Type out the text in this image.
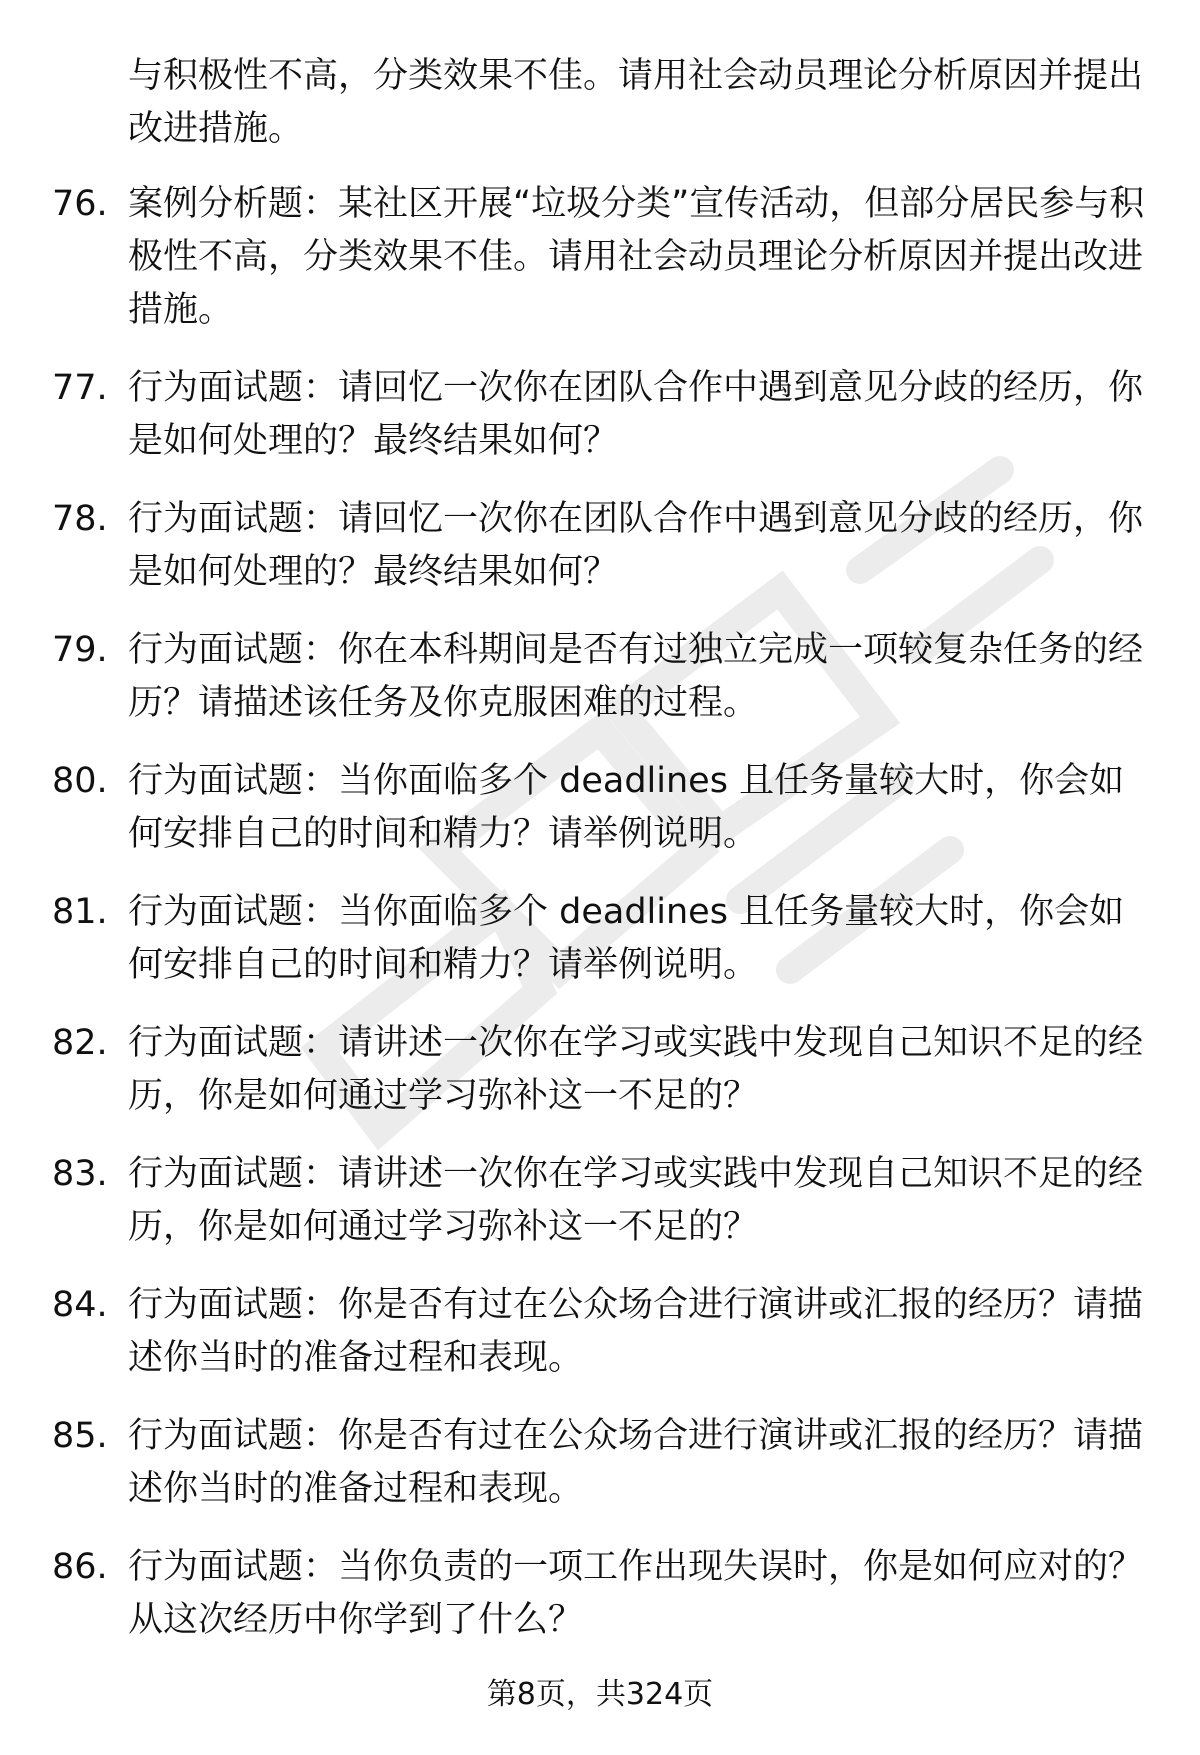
与积极性不高，分类效果不佳。请用社会动员理论分析原因并提出改进措施。

76. 案例分析题：某社区开展“垃圾分类”宣传活动，但部分居民参与积极性不高，分类效果不佳。请用社会动员理论分析原因并提出改进措施。
77. 行为面试题：请回忆一次你在团队合作中遇到意见分歧的经历，你是如何处理的？最终结果如何？
78. 行为面试题：请回忆一次你在团队合作中遇到意见分歧的经历，你是如何处理的？最终结果如何？
79. 行为面试题：你在本科期间是否有过独立完成一项较复杂任务的经历？请描述该任务及你克服困难的过程。
80. 行为面试题：当你面临多个 deadlines 且任务量较大时，你会如何安排自己的时间和精力？请举例说明。
81. 行为面试题：当你面临多个 deadlines 且任务量较大时，你会如何安排自己的时间和精力？请举例说明。
82. 行为面试题：请讲述一次你在学习或实践中发现自己知识不足的经历，你是如何通过学习弥补这一不足的？
83. 行为面试题：请讲述一次你在学习或实践中发现自己知识不足的经历，你是如何通过学习弥补这一不足的？
84. 行为面试题：你是否有过在公众场合进行演讲或汇报的经历？请描述你当时的准备过程和表现。
85. 行为面试题：你是否有过在公众场合进行演讲或汇报的经历？请描述你当时的准备过程和表现。
86. 行为面试题：当你负责的一项工作出现失误时，你是如何应对的？从这次经历中你学到了什么？
第8页，共324页
